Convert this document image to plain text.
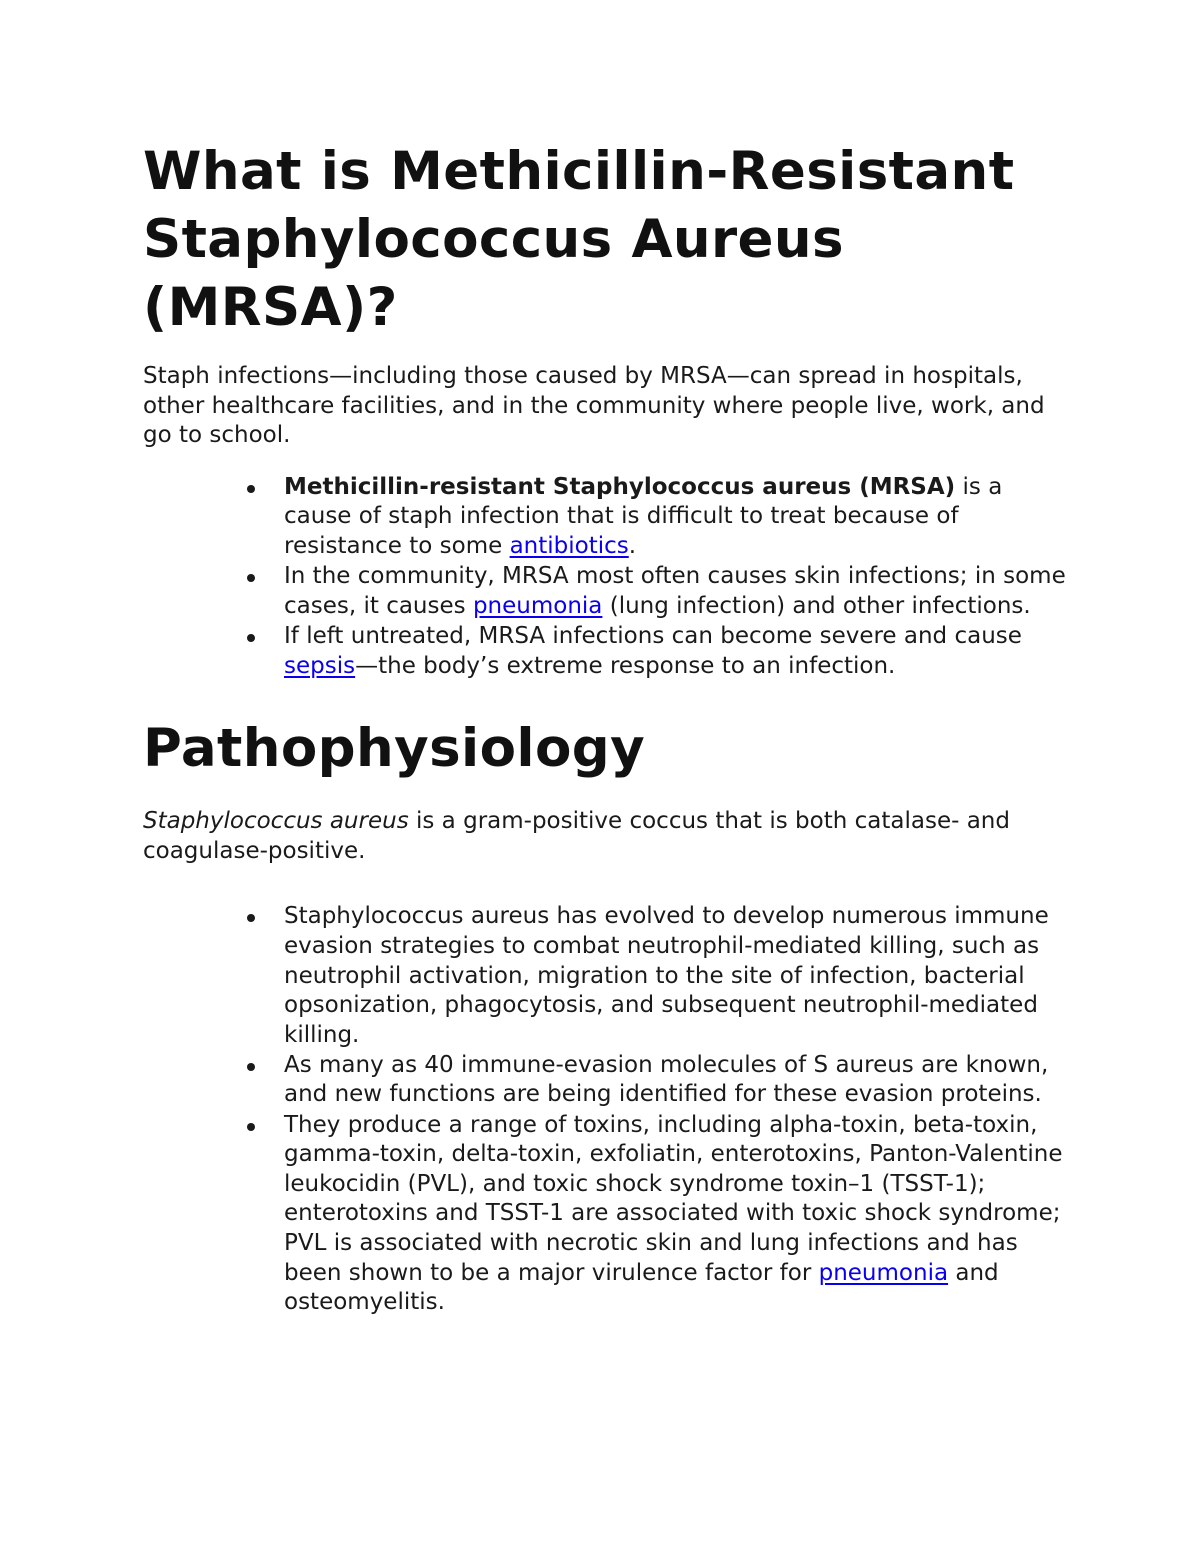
What is Methicillin-Resistant Staphylococcus Aureus (MRSA)?

Staph infections—including those caused by MRSA—can spread in hospitals, other healthcare facilities, and in the community where people live, work, and go to school.

Methicillin-resistant Staphylococcus aureus (MRSA) is a cause of staph infection that is difficult to treat because of resistance to some antibiotics.
In the community, MRSA most often causes skin infections; in some cases, it causes pneumonia (lung infection) and other infections.
If left untreated, MRSA infections can become severe and cause sepsis—the body’s extreme response to an infection.
Pathophysiology

Staphylococcus aureus is a gram-positive coccus that is both catalase- and coagulase-positive.

Staphylococcus aureus has evolved to develop numerous immune evasion strategies to combat neutrophil-mediated killing, such as neutrophil activation, migration to the site of infection, bacterial opsonization, phagocytosis, and subsequent neutrophil-mediated killing.
As many as 40 immune-evasion molecules of S aureus are known, and new functions are being identified for these evasion proteins.
They produce a range of toxins, including alpha-toxin, beta-toxin, gamma-toxin, delta-toxin, exfoliatin, enterotoxins, Panton-Valentine leukocidin (PVL), and toxic shock syndrome toxin–1 (TSST-1); enterotoxins and TSST-1 are associated with toxic shock syndrome; PVL is associated with necrotic skin and lung infections and has been shown to be a major virulence factor for pneumonia and osteomyelitis.
